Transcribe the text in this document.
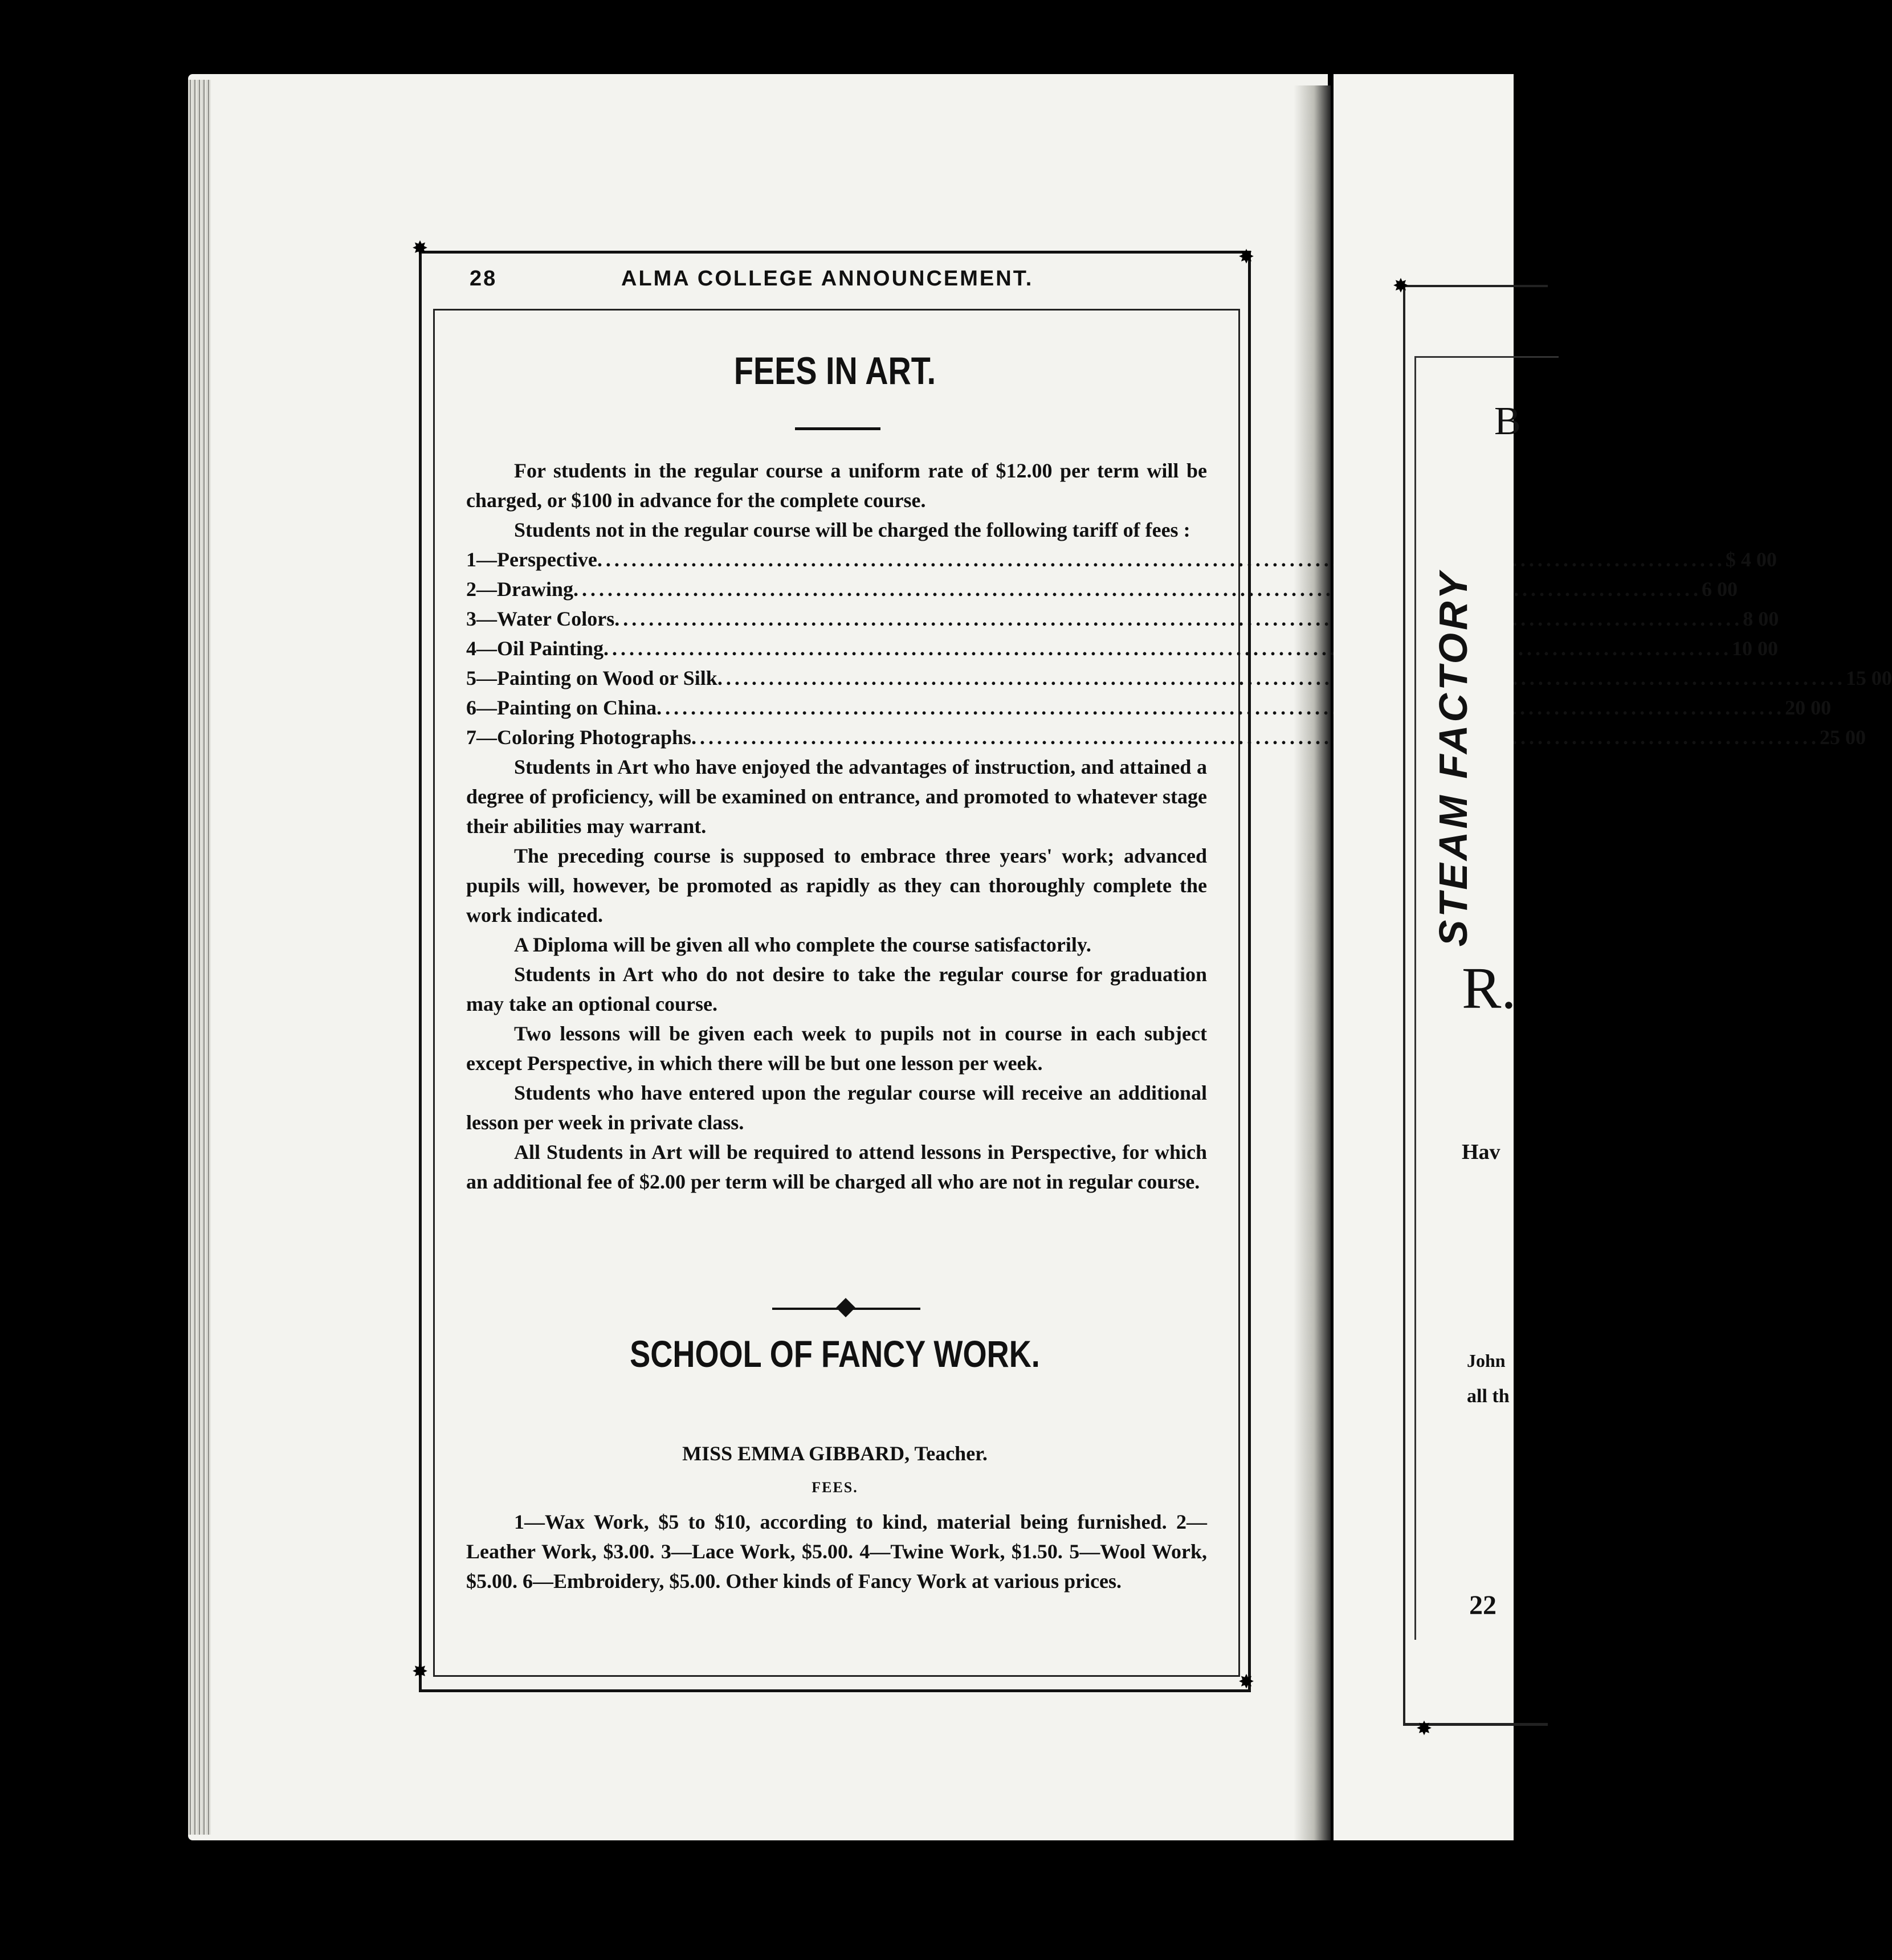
✸	✸
✸	✸
28	ALMA COLLEGE ANNOUNCEMENT.
FEES IN ART.

For students in the regular course a uniform rate of $12.00 per term will be charged, or $100 in advance for the complete course.

Students not in the regular course will be charged the following tariff of fees :

1—Perspective .....	$ 4 00
2—Drawing .....	6 00
3—Water Colors .....	8 00
4—Oil Painting .....	10 00
5—Painting on Wood or Silk .....	15 00
6—Painting on China .....	20 00
7—Coloring Photographs .....	25 00

Students in Art who have enjoyed the advantages of instruction, and attained a degree of proficiency, will be examined on entrance, and promoted to whatever stage their abilities may warrant.

The preceding course is supposed to embrace three years' work; advanced pupils will, however, be promoted as rapidly as they can thoroughly complete the work indicated.

A Diploma will be given all who complete the course satisfactorily.

Students in Art who do not desire to take the regular course for graduation may take an optional course.

Two lessons will be given each week to pupils not in course in each subject except Perspective, in which there will be but one lesson per week.

Students who have entered upon the regular course will receive an additional lesson per week in private class.

All Students in Art will be required to attend lessons in Perspective, for which an additional fee of $2.00 per term will be charged all who are not in regular course.

SCHOOL OF FANCY WORK.
MISS EMMA GIBBARD, Teacher.
FEES.

1—Wax Work, $5 to $10, according to kind, material being furnished. 2—Leather Work, $3.00. 3—Lace Work, $5.00. 4—Twine Work, $1.50. 5—Wool Work, $5.00. 6—Embroidery, $5.00. Other kinds of Fancy Work at various prices.

✸
✸
B
STEAM FACTORY
R.
Hav
John
all th
22
